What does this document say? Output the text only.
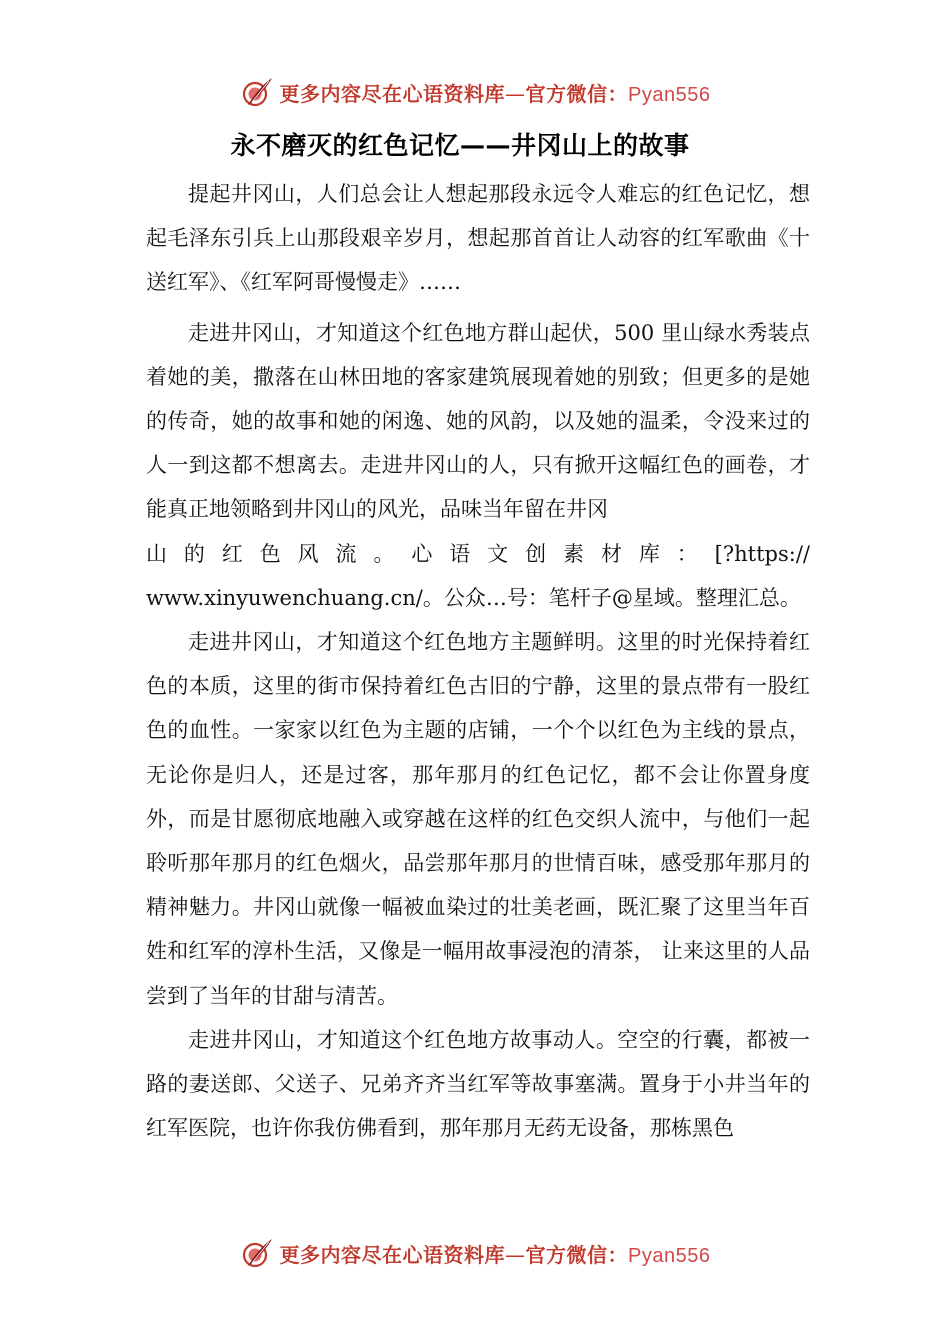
更多内容尽在心语资料库—官方微信：Pyan556
永不磨灭的红色记忆——井冈山上的故事

提起井冈山，人们总会让人想起那段永远令人难忘的红色记忆，想起毛泽东引兵上山那段艰辛岁月，想起那首首让人动容的红军歌曲《十送红军》、《红军阿哥慢慢走》……

走进井冈山，才知道这个红色地方群山起伏，500 里山绿水秀装点着她的美，撒落在山林田地的客家建筑展现着她的别致；但更多的是她的传奇，她的故事和她的闲逸、她的风韵，以及她的温柔，令没来过的人一到这都不想离去。走进井冈山的人，只有掀开这幅红色的画卷，才能真正地领略到井冈山的风光，品味当年留在井冈
山的红色风流。心语文创素材库：[?https://
www.xinyuwenchuang.cn/。公众…号：笔杆子@星域。整理汇总。

走进井冈山，才知道这个红色地方主题鲜明。这里的时光保持着红色的本质，这里的街市保持着红色古旧的宁静，这里的景点带有一股红色的血性。一家家以红色为主题的店铺，一个个以红色为主线的景点，无论你是归人，还是过客，那年那月的红色记忆，都不会让你置身度外，而是甘愿彻底地融入或穿越在这样的红色交织人流中，与他们一起聆听那年那月的红色烟火，品尝那年那月的世情百味，感受那年那月的精神魅力。井冈山就像一幅被血染过的壮美老画，既汇聚了这里当年百姓和红军的淳朴生活，又像是一幅用故事浸泡的清茶， 让来这里的人品尝到了当年的甘甜与清苦。

走进井冈山，才知道这个红色地方故事动人。空空的行囊，都被一路的妻送郎、父送子、兄弟齐齐当红军等故事塞满。置身于小井当年的红军医院，也许你我仿佛看到，那年那月无药无设备，那栋黑色

更多内容尽在心语资料库—官方微信：Pyan556
